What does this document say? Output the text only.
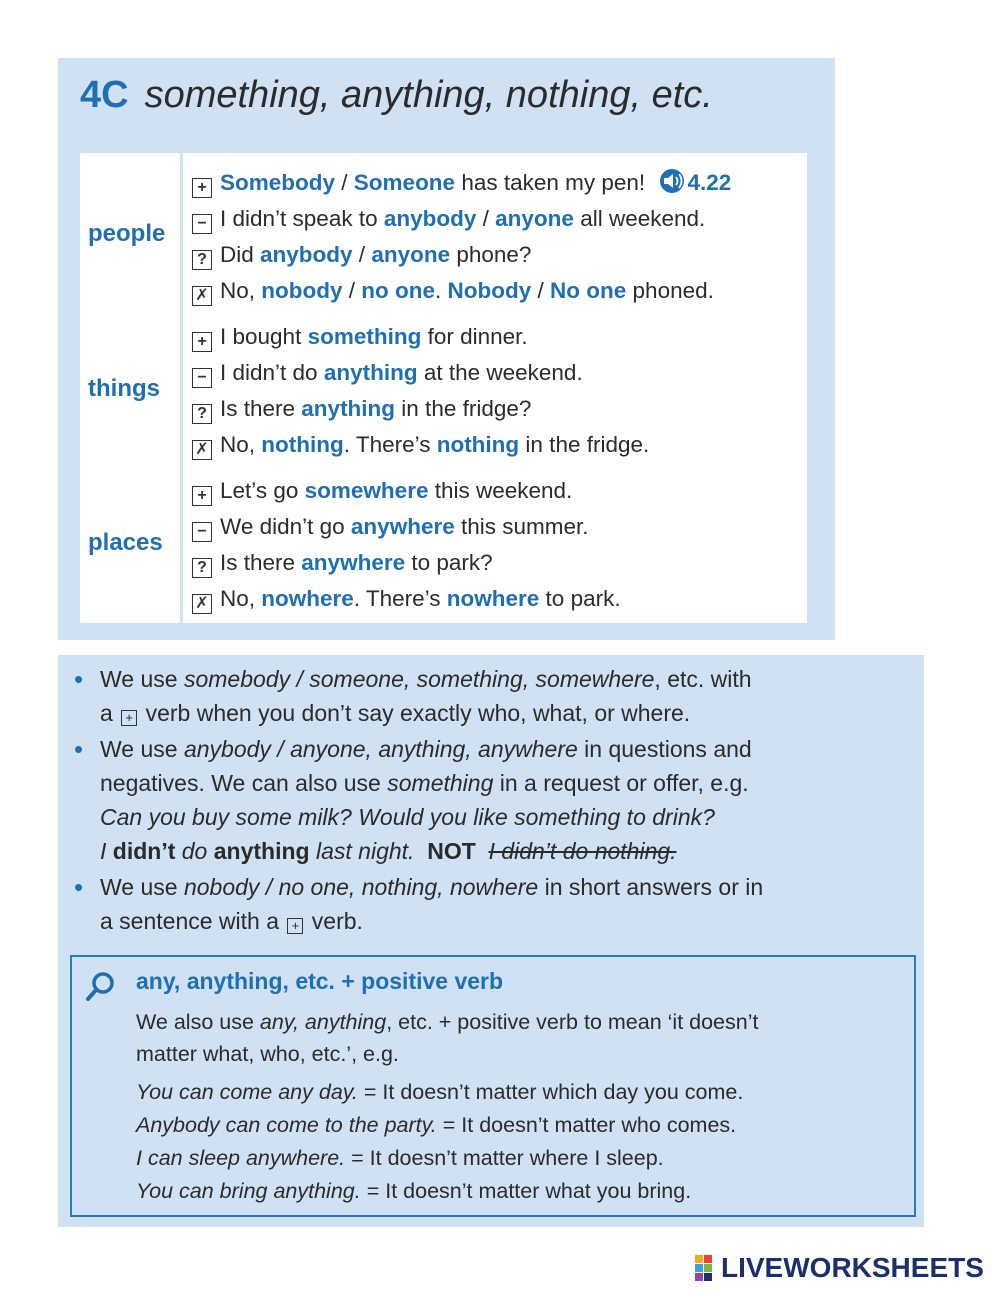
4C something, anything, nothing, etc.
people
things
places
+ Somebody / Someone has taken my pen! 4.22
− I didn’t speak to anybody / anyone all weekend.
? Did anybody / anyone phone?
✗ No, nobody / no one. Nobody / No one phoned.
+ I bought something for dinner.
− I didn’t do anything at the weekend.
? Is there anything in the fridge?
✗ No, nothing. There’s nothing in the fridge.
+ Let’s go somewhere this weekend.
− We didn’t go anywhere this summer.
? Is there anywhere to park?
✗ No, nowhere. There’s nowhere to park.
• We use somebody / someone, something, somewhere, etc. with
a + verb when you don’t say exactly who, what, or where.
• We use anybody / anyone, anything, anywhere in questions and
negatives. We can also use something in a request or offer, e.g.
Can you buy some milk? Would you like something to drink?
I didn’t do anything last night. NOT I didn’t do nothing.
• We use nobody / no one, nothing, nowhere in short answers or in
a sentence with a + verb.
any, anything, etc. + positive verb
We also use any, anything, etc. + positive verb to mean ‘it doesn’t
matter what, who, etc.’, e.g.
You can come any day. = It doesn’t matter which day you come.
Anybody can come to the party. = It doesn’t matter who comes.
I can sleep anywhere. = It doesn’t matter where I sleep.
You can bring anything. = It doesn’t matter what you bring.
LIVEWORKSHEETS
